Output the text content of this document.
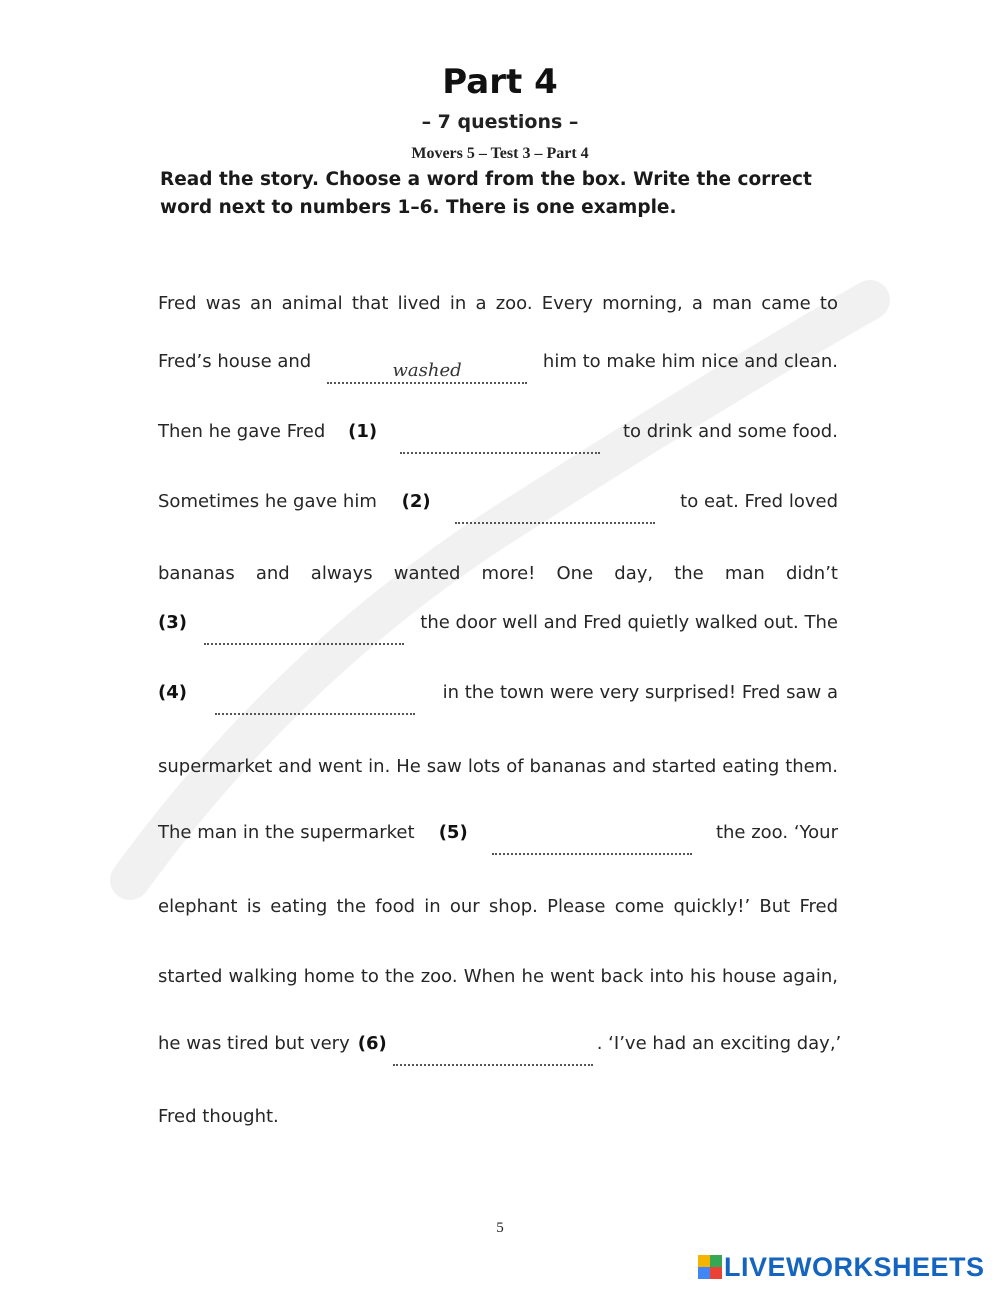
Part 4
– 7 questions –
Movers 5 – Test 3 – Part 4
Read the story. Choose a word from the box. Write the correct word next to numbers 1–6. There is one example.
Fred was an animal that lived in a zoo. Every morning, a man came to
Fred’s house and	washed	him to make him nice and clean.
Then he gave Fred (1)	to drink and some food.
Sometimes he gave him (2)	to eat. Fred loved
bananas and always wanted more! One day, the man didn’t
(3)	the door well and Fred quietly walked out. The
(4)	in the town were very surprised! Fred saw a
supermarket and went in. He saw lots of bananas and started eating them.
The man in the supermarket (5)	the zoo. ‘Your
elephant is eating the food in our shop. Please come quickly!’ But Fred
started walking home to the zoo. When he went back into his house again,
he was tired but very (6)	. ‘I’ve had an exciting day,’
Fred thought.
5
LIVEWORKSHEETS
